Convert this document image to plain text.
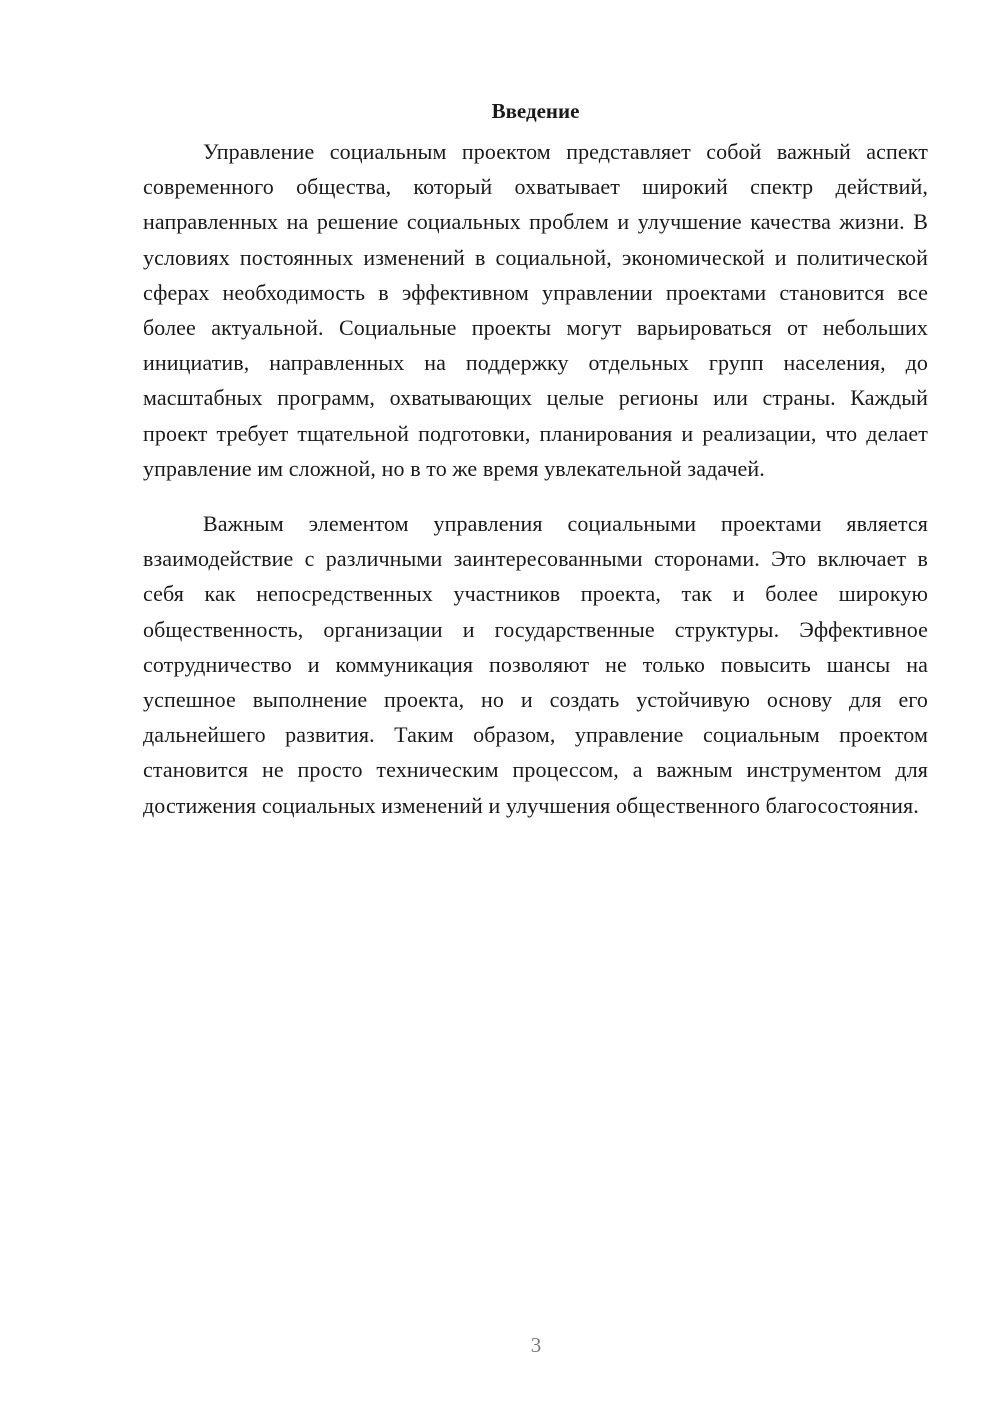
Введение

Управление социальным проектом представляет собой важный аспект современного общества, который охватывает широкий спектр действий, направленных на решение социальных проблем и улучшение качества жизни. В условиях постоянных изменений в социальной, экономической и политической сферах необходимость в эффективном управлении проектами становится все более актуальной. Социальные проекты могут варьироваться от небольших инициатив, направленных на поддержку отдельных групп населения, до масштабных программ, охватывающих целые регионы или страны. Каждый проект требует тщательной подготовки, планирования и реализации, что делает управление им сложной, но в то же время увлекательной задачей.

Важным элементом управления социальными проектами является взаимодействие с различными заинтересованными сторонами. Это включает в себя как непосредственных участников проекта, так и более широкую общественность, организации и государственные структуры. Эффективное сотрудничество и коммуникация позволяют не только повысить шансы на успешное выполнение проекта, но и создать устойчивую основу для его дальнейшего развития. Таким образом, управление социальным проектом становится не просто техническим процессом, а важным инструментом для достижения социальных изменений и улучшения общественного благосостояния.

3
